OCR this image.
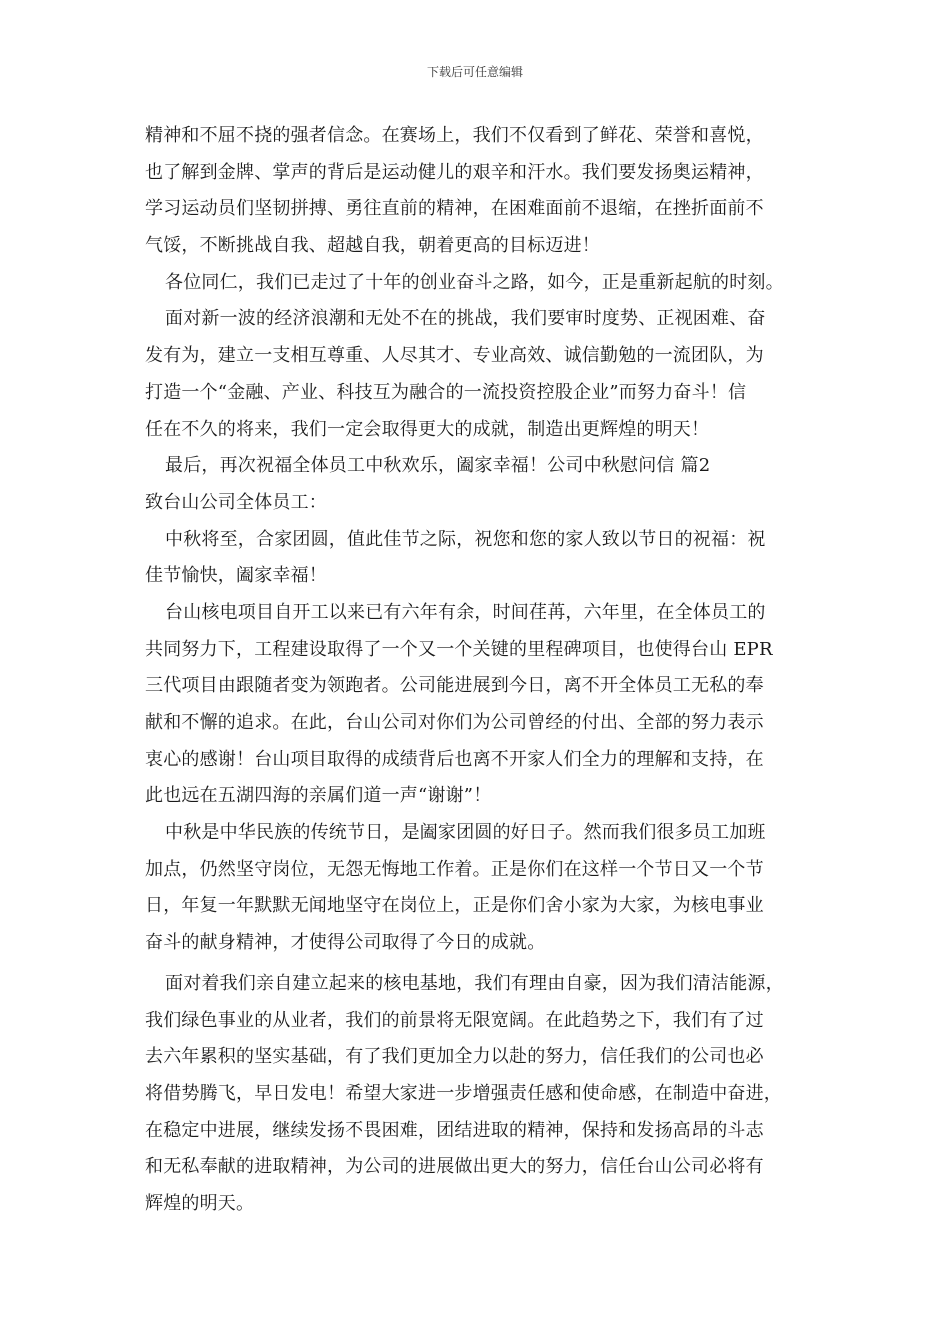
下载后可任意编辑
精神和不屈不挠的强者信念。在赛场上，我们不仅看到了鲜花、荣誉和喜悦，
也了解到金牌、掌声的背后是运动健儿的艰辛和汗水。我们要发扬奥运精神，
学习运动员们坚韧拼搏、勇往直前的精神，在困难面前不退缩，在挫折面前不
气馁，不断挑战自我、超越自我，朝着更高的目标迈进！
各位同仁，我们已走过了十年的创业奋斗之路，如今，正是重新起航的时刻。
面对新一波的经济浪潮和无处不在的挑战，我们要审时度势、正视困难、奋
发有为，建立一支相互尊重、人尽其才、专业高效、诚信勤勉的一流团队，为
打造一个“金融、产业、科技互为融合的一流投资控股企业”而努力奋斗！信
任在不久的将来，我们一定会取得更大的成就，制造出更辉煌的明天！
最后，再次祝福全体员工中秋欢乐，阖家幸福！公司中秋慰问信 篇2
致台山公司全体员工：
中秋将至，合家团圆，值此佳节之际，祝您和您的家人致以节日的祝福：祝
佳节愉快，阖家幸福！
台山核电项目自开工以来已有六年有余，时间荏苒，六年里，在全体员工的
共同努力下，工程建设取得了一个又一个关键的里程碑项目，也使得台山 EPR
三代项目由跟随者变为领跑者。公司能进展到今日，离不开全体员工无私的奉
献和不懈的追求。在此，台山公司对你们为公司曾经的付出、全部的努力表示
衷心的感谢！台山项目取得的成绩背后也离不开家人们全力的理解和支持，在
此也远在五湖四海的亲属们道一声“谢谢”！
中秋是中华民族的传统节日，是阖家团圆的好日子。然而我们很多员工加班
加点，仍然坚守岗位，无怨无悔地工作着。正是你们在这样一个节日又一个节
日，年复一年默默无闻地坚守在岗位上，正是你们舍小家为大家，为核电事业
奋斗的献身精神，才使得公司取得了今日的成就。
面对着我们亲自建立起来的核电基地，我们有理由自豪，因为我们清洁能源，
我们绿色事业的从业者，我们的前景将无限宽阔。在此趋势之下，我们有了过
去六年累积的坚实基础，有了我们更加全力以赴的努力，信任我们的公司也必
将借势腾飞，早日发电！希望大家进一步增强责任感和使命感，在制造中奋进，
在稳定中进展，继续发扬不畏困难，团结进取的精神，保持和发扬高昂的斗志
和无私奉献的进取精神，为公司的进展做出更大的努力，信任台山公司必将有
辉煌的明天。
